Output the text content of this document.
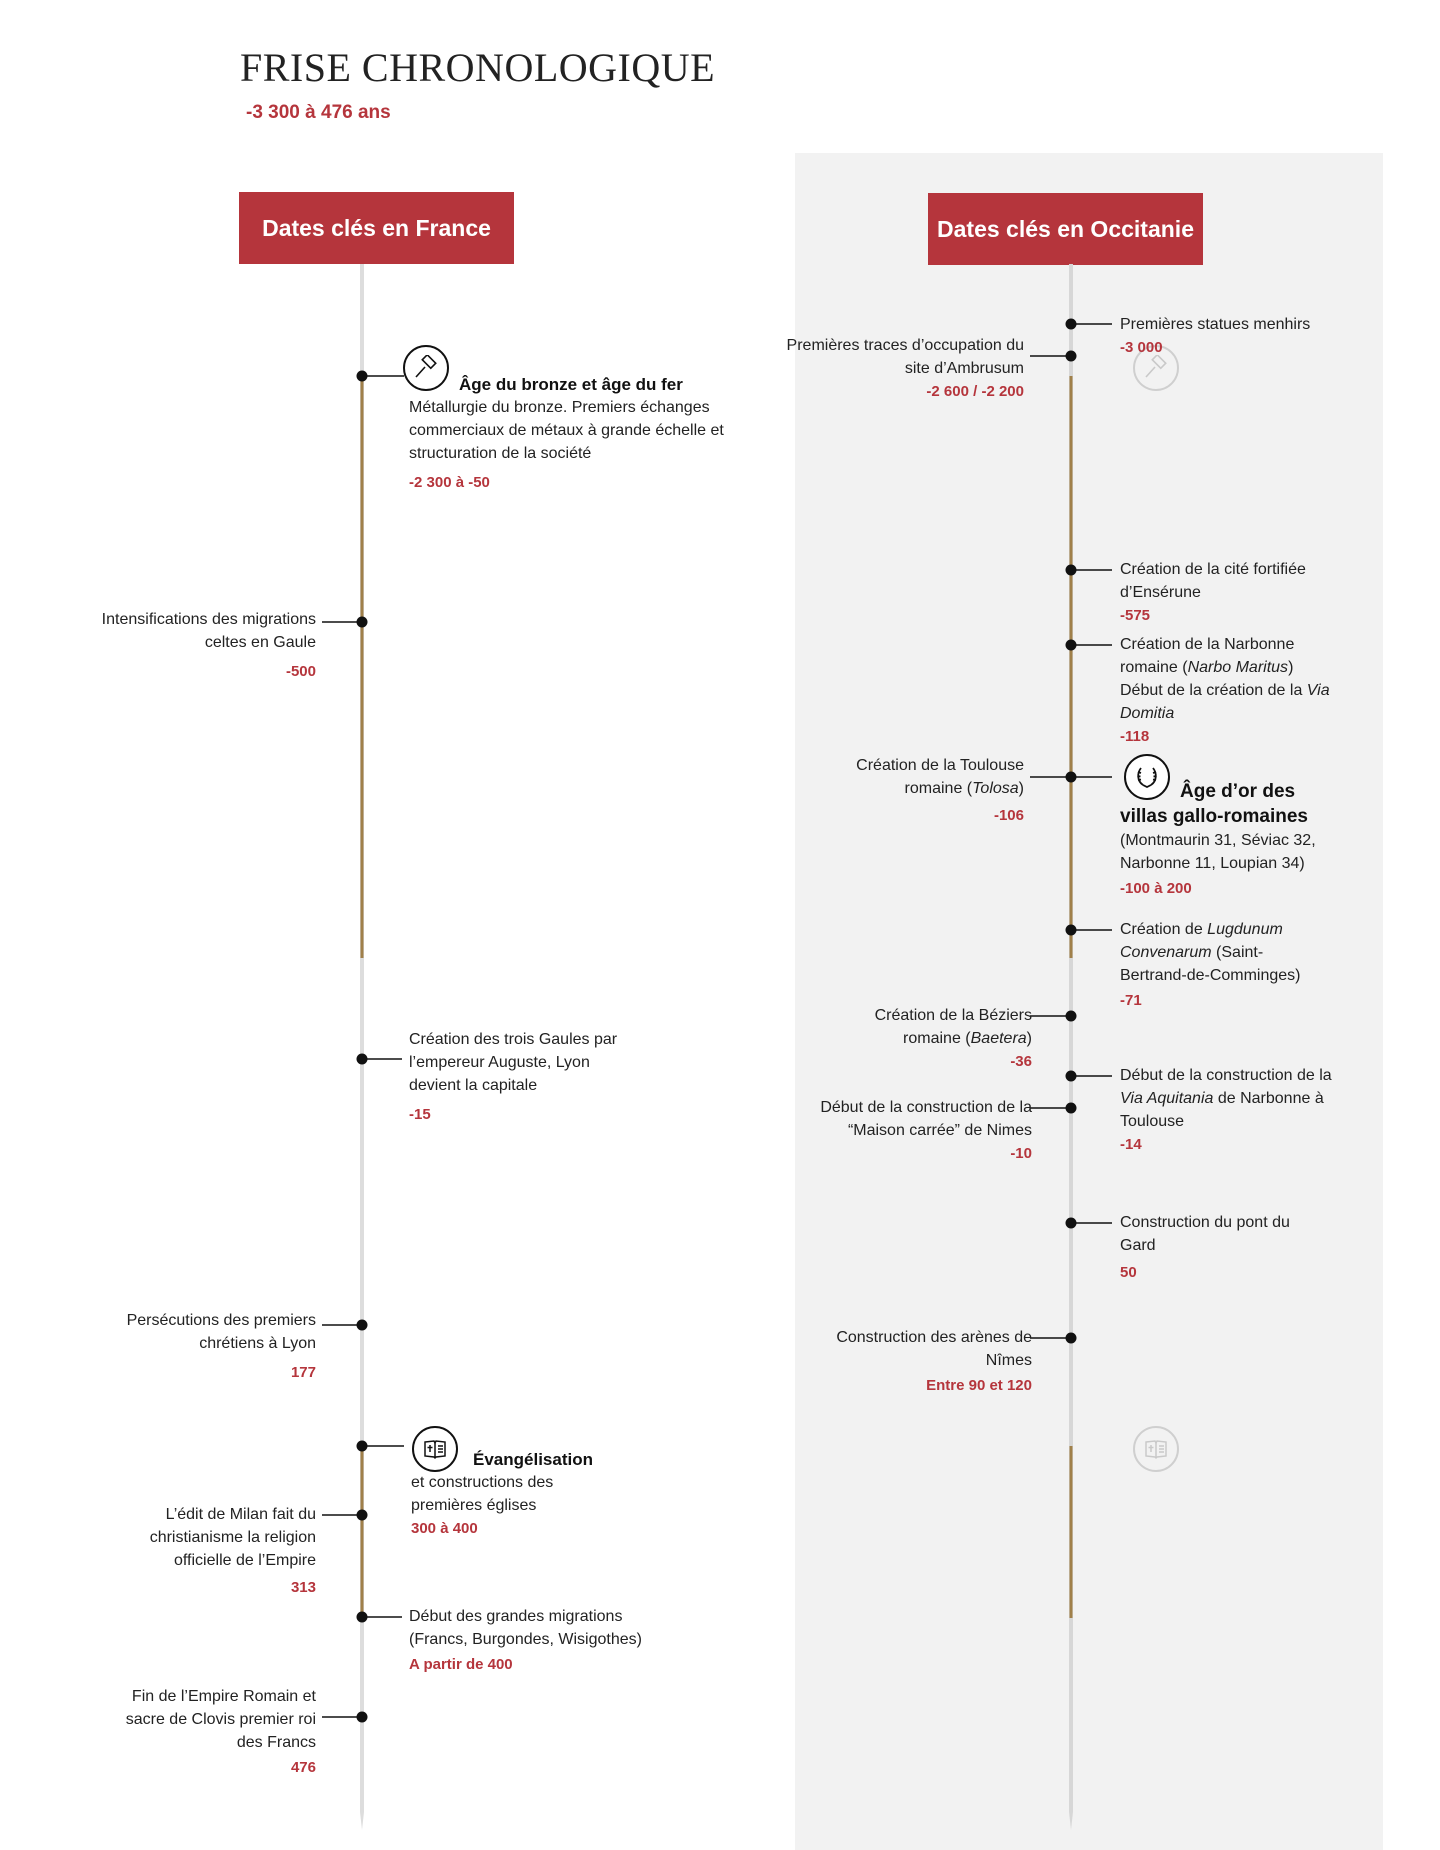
FRISE CHRONOLOGIQUE
-3 300 à 476 ans
Dates clés en France	Dates clés en Occitanie
Âge du bronze et âge du fer
Métallurgie du bronze. Premiers échanges commerciaux de métaux à grande échelle et structuration de la société
-2 300 à -50
Intensifications des migrations celtes en Gaule
-500
Création des trois Gaules par l’empereur Auguste, Lyon devient la capitale
-15
Persécutions des premiers chrétiens à Lyon
177
Évangélisation
et constructions des premières églises
300 à 400
L’édit de Milan fait du christianisme la religion officielle de l’Empire
313
Début des grandes migrations (Francs, Burgondes, Wisigothes)
A partir de 400
Fin de l’Empire Romain et sacre de Clovis premier roi des Francs
476
Premières statues menhirs
-3 000
Premières traces d’occupation du site d’Ambrusum
-2 600 / -2 200
Création de la cité fortifiée d’Ensérune
-575
Création de la Narbonne romaine (Narbo Maritus) Début de la création de la Via Domitia
-118
Création de la Toulouse romaine (Tolosa)
-106
Âge d’or des villas gallo-romaines
(Montmaurin 31, Séviac 32, Narbonne 11, Loupian 34)
-100 à 200
Création de Lugdunum Convenarum (Saint-Bertrand-de-Comminges)
-71
Création de la Béziers romaine (Baetera)
-36
Début de la construction de la Via Aquitania de Narbonne à Toulouse
-14
Début de la construction de la “Maison carrée” de Nimes
-10
Construction du pont du Gard
50
Construction des arènes de Nîmes
Entre 90 et 120
